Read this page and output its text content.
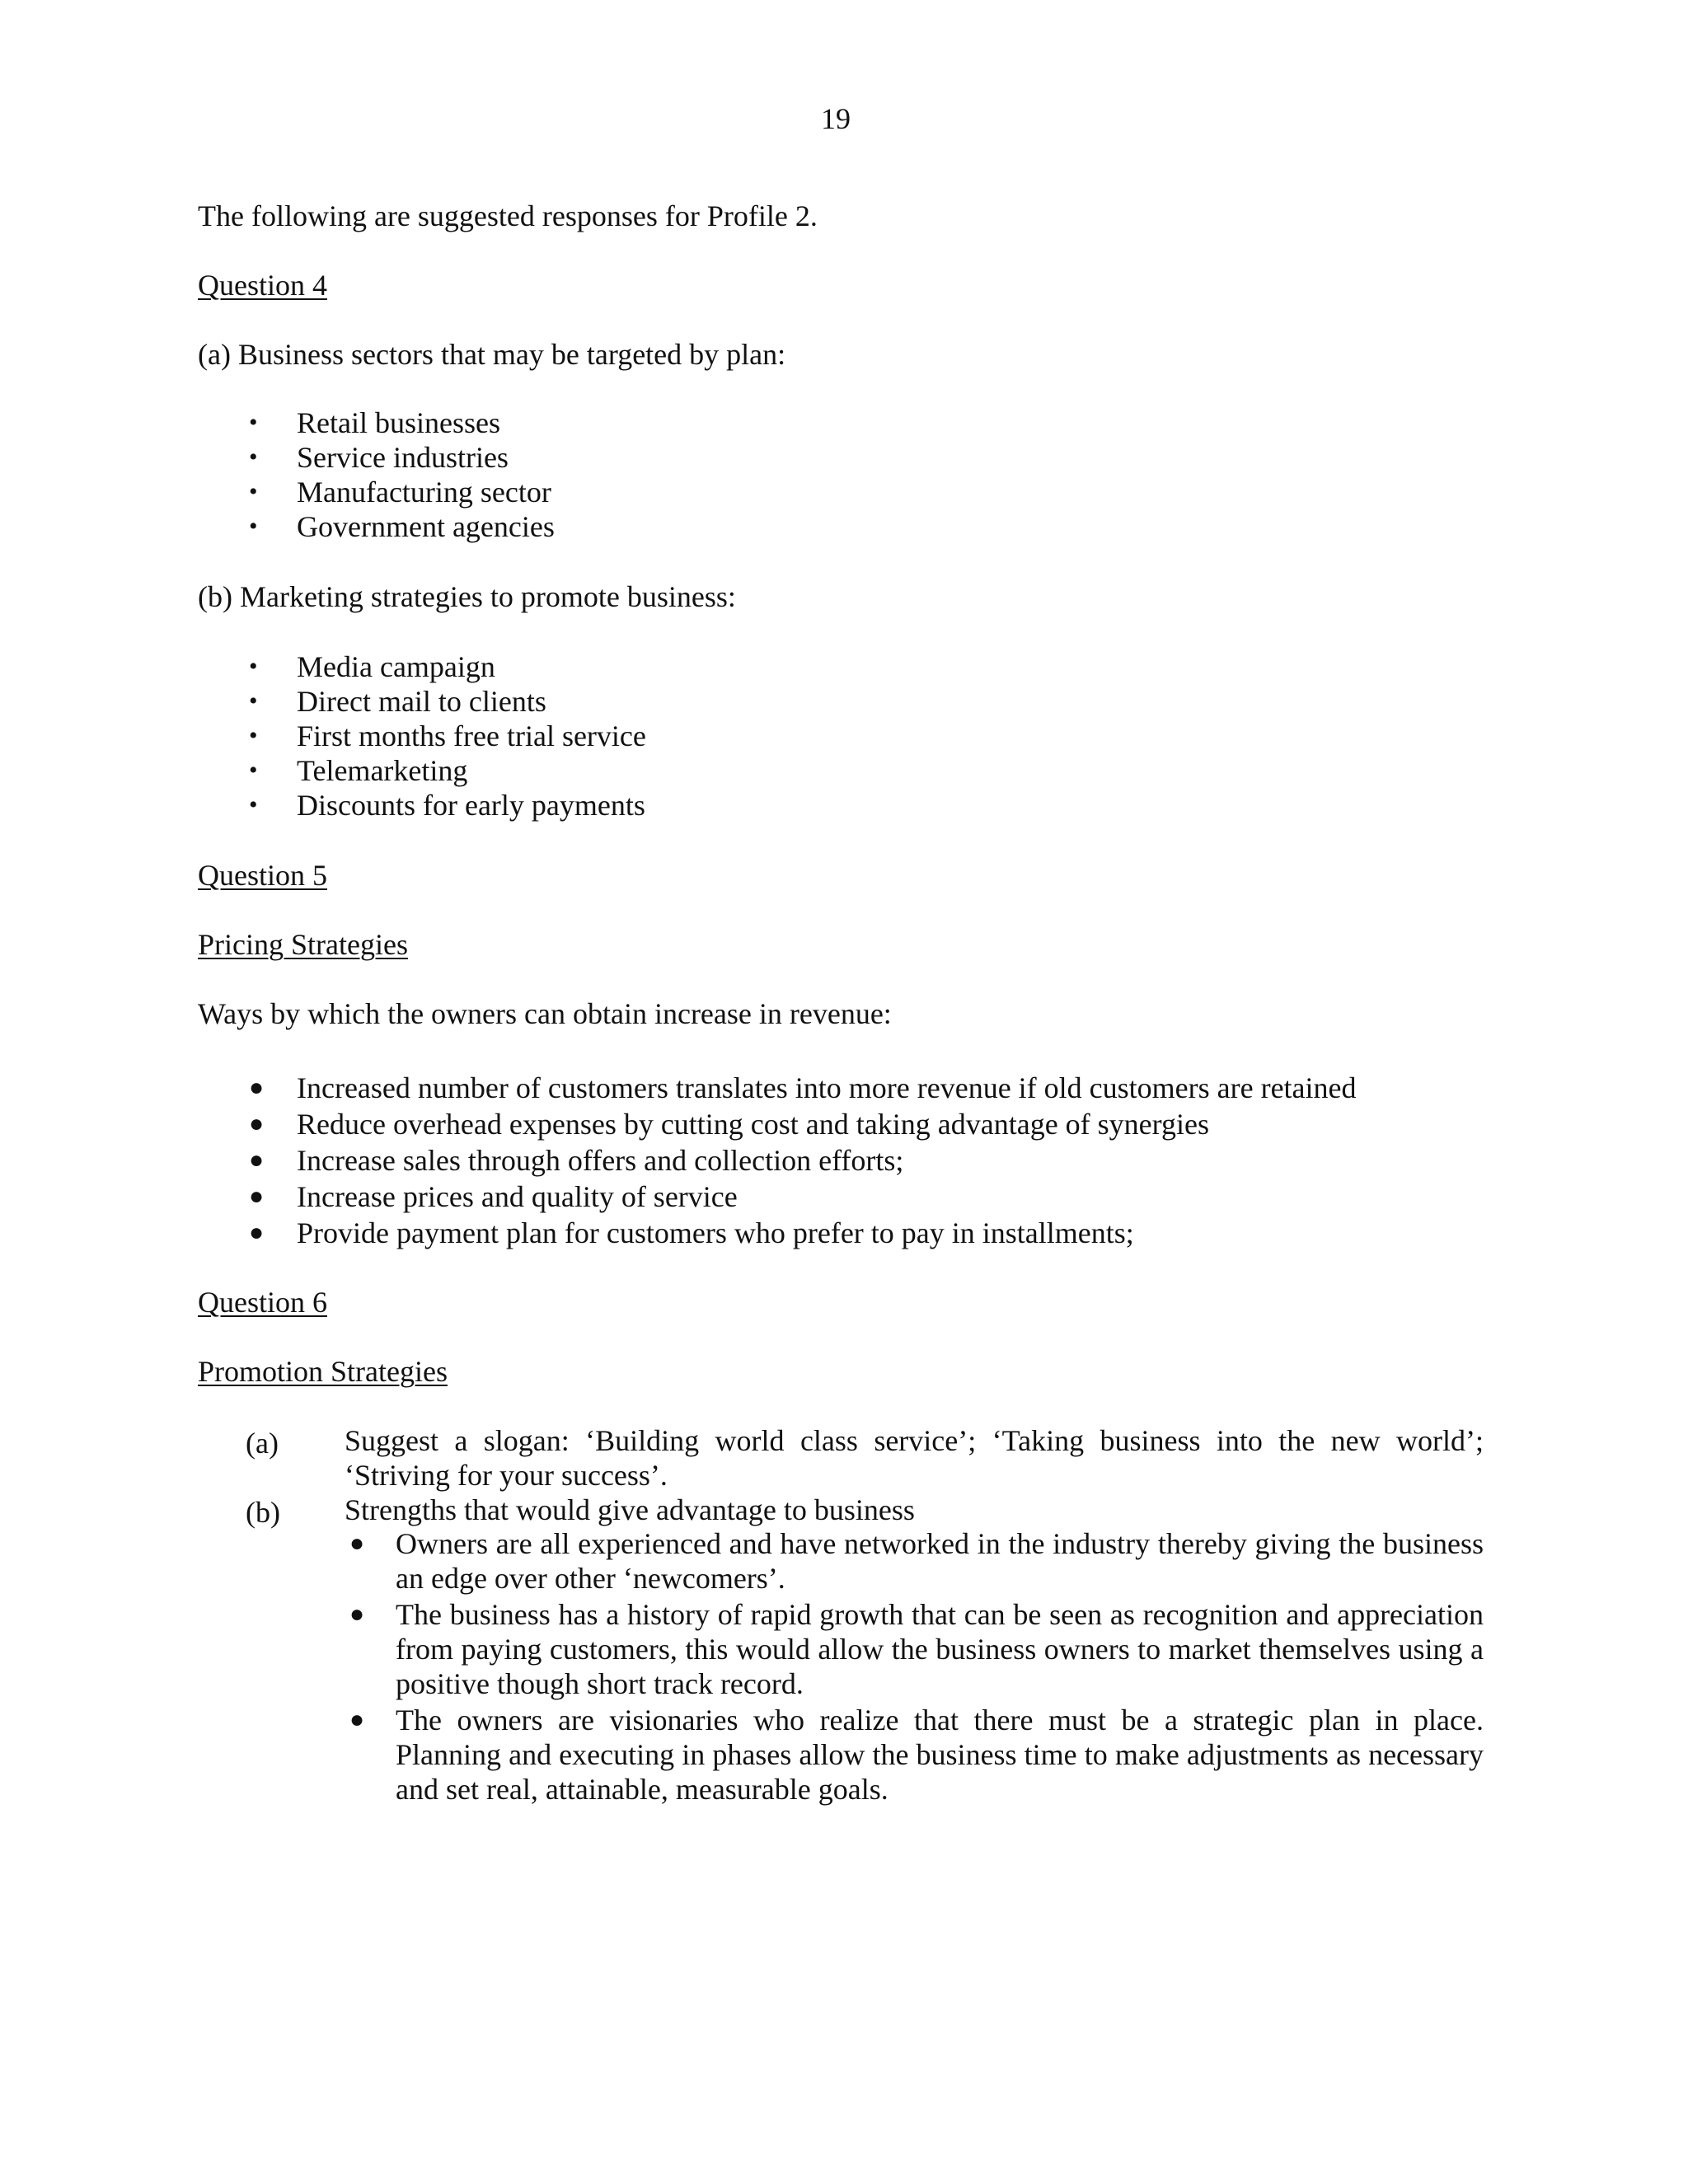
19
The following are suggested responses for Profile 2.
Question 4
(a) Business sectors that may be targeted by plan:
• Retail businesses
• Service industries
• Manufacturing sector
• Government agencies
(b) Marketing strategies to promote business:
• Media campaign
• Direct mail to clients
• First months free trial service
• Telemarketing
• Discounts for early payments
Question 5
Pricing Strategies
Ways by which the owners can obtain increase in revenue:
● Increased number of customers translates into more revenue if old customers are retained
● Reduce overhead expenses by cutting cost and taking advantage of synergies
● Increase sales through offers and collection efforts;
● Increase prices and quality of service
● Provide payment plan for customers who prefer to pay in installments;
Question 6
Promotion Strategies
(a) Suggest a slogan: ‘Building world class service’; ‘Taking business into the new world’; ‘Striving for your success’.
(b) Strengths that would give advantage to business
● Owners are all experienced and have networked in the industry thereby giving the business an edge over other ‘newcomers’.
● The business has a history of rapid growth that can be seen as recognition and appreciation from paying customers, this would allow the business owners to market themselves using a positive though short track record.
● The owners are visionaries who realize that there must be a strategic plan in place. Planning and executing in phases allow the business time to make adjustments as necessary and set real, attainable, measurable goals.
